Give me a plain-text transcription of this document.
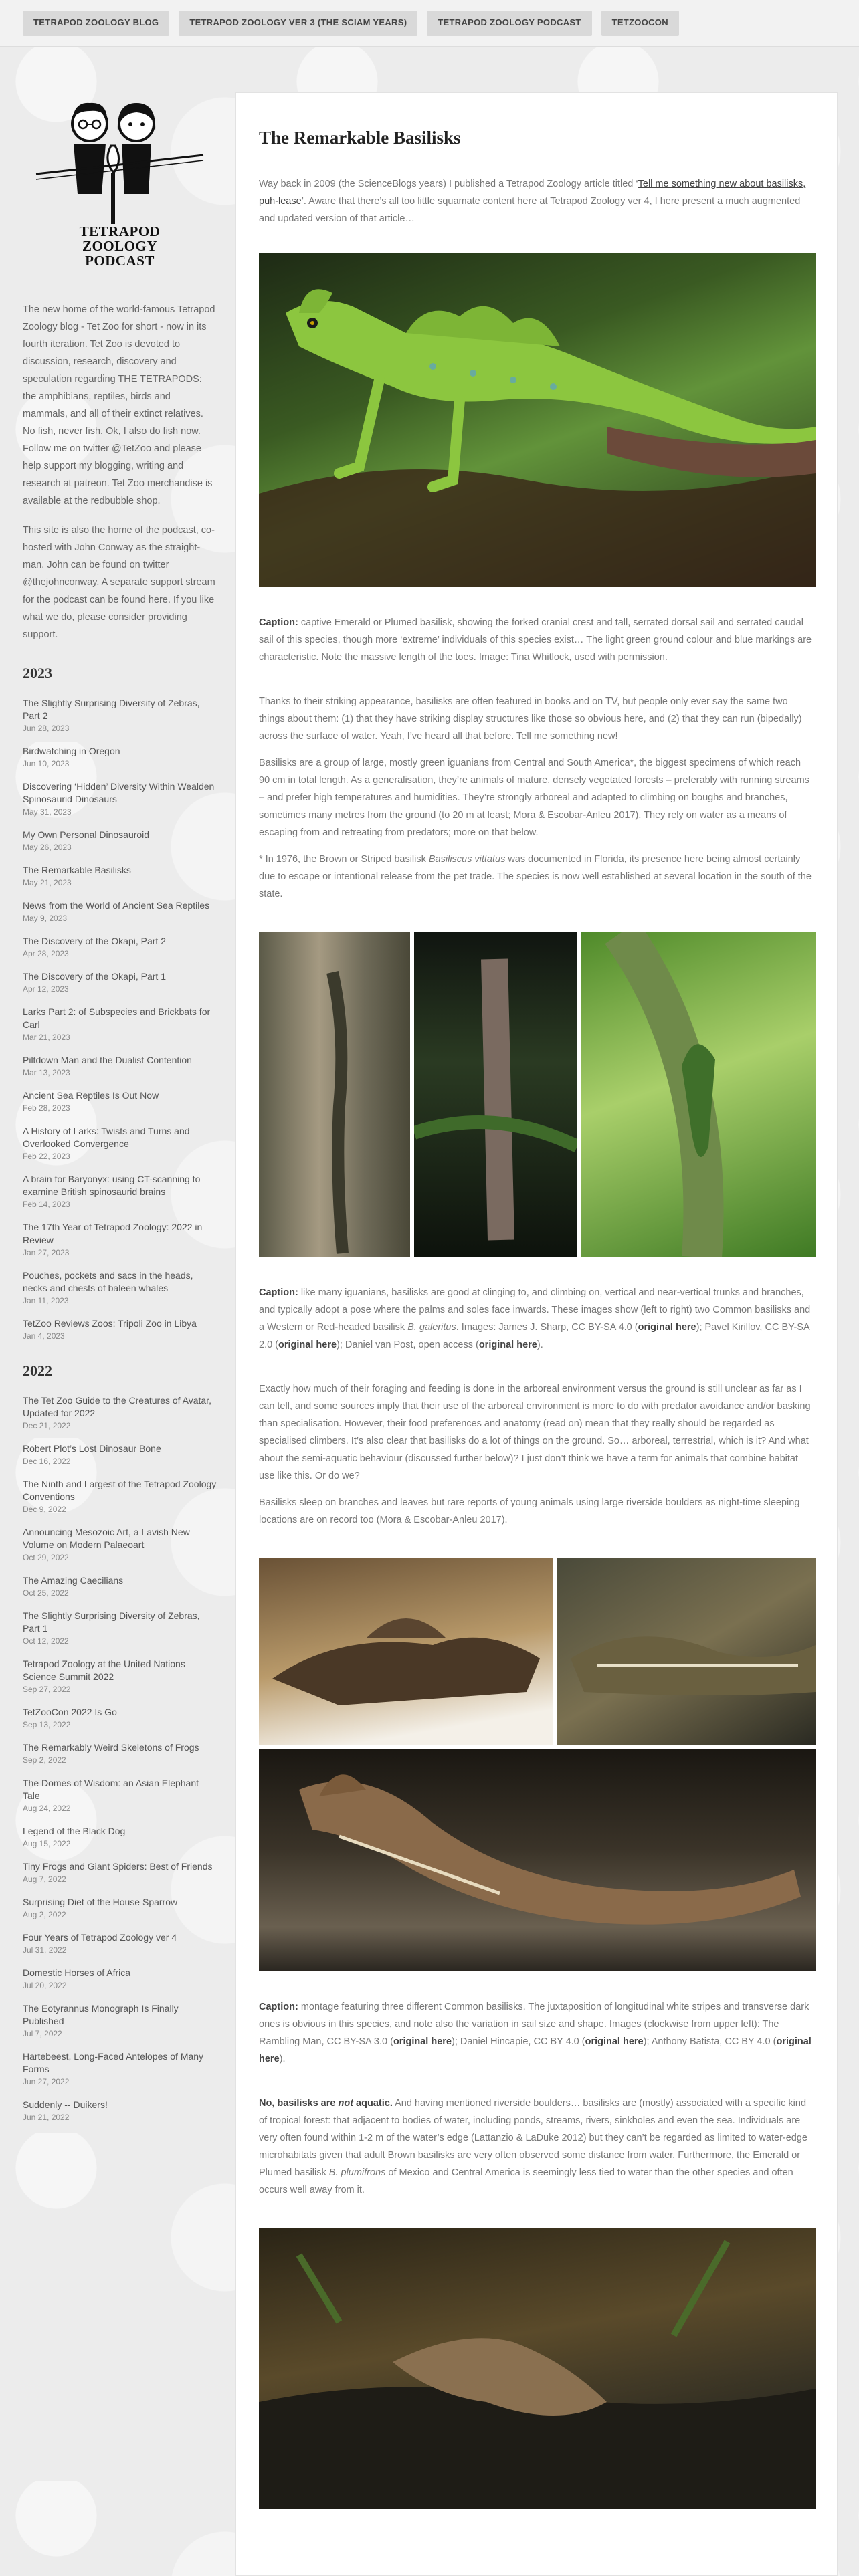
TETRAPOD ZOOLOGY BLOG	TETRAPOD ZOOLOGY VER 3 (THE SCIAM YEARS)	TETRAPOD ZOOLOGY PODCAST	TETZOOCON
TETRAPOD
ZOOLOGY
PODCAST

The new home of the world-famous Tetrapod Zoology blog - Tet Zoo for short - now in its fourth iteration. Tet Zoo is devoted to discussion, research, discovery and speculation regarding THE TETRAPODS: the amphibians, reptiles, birds and mammals, and all of their extinct relatives. No fish, never fish. Ok, I also do fish now. Follow me on twitter @TetZoo and please help support my blogging, writing and research at patreon. Tet Zoo merchandise is available at the redbubble shop.

This site is also the home of the podcast, co-hosted with John Conway as the straight-man. John can be found on twitter @thejohnconway. A separate support stream for the podcast can be found here. If you like what we do, please consider providing support.

2023
The Slightly Surprising Diversity of Zebras, Part 2
Jun 28, 2023
Birdwatching in Oregon
Jun 10, 2023
Discovering ‘Hidden’ Diversity Within Wealden Spinosaurid Dinosaurs
May 31, 2023
My Own Personal Dinosauroid
May 26, 2023
The Remarkable Basilisks
May 21, 2023
News from the World of Ancient Sea Reptiles
May 9, 2023
The Discovery of the Okapi, Part 2
Apr 28, 2023
The Discovery of the Okapi, Part 1
Apr 12, 2023
Larks Part 2: of Subspecies and Brickbats for Carl
Mar 21, 2023
Piltdown Man and the Dualist Contention
Mar 13, 2023
Ancient Sea Reptiles Is Out Now
Feb 28, 2023
A History of Larks: Twists and Turns and Overlooked Convergence
Feb 22, 2023
A brain for Baryonyx: using CT-scanning to examine British spinosaurid brains
Feb 14, 2023
The 17th Year of Tetrapod Zoology: 2022 in Review
Jan 27, 2023
Pouches, pockets and sacs in the heads, necks and chests of baleen whales
Jan 11, 2023
TetZoo Reviews Zoos: Tripoli Zoo in Libya
Jan 4, 2023
2022
The Tet Zoo Guide to the Creatures of Avatar, Updated for 2022
Dec 21, 2022
Robert Plot’s Lost Dinosaur Bone
Dec 16, 2022
The Ninth and Largest of the Tetrapod Zoology Conventions
Dec 9, 2022
Announcing Mesozoic Art, a Lavish New Volume on Modern Palaeoart
Oct 29, 2022
The Amazing Caecilians
Oct 25, 2022
The Slightly Surprising Diversity of Zebras, Part 1
Oct 12, 2022
Tetrapod Zoology at the United Nations Science Summit 2022
Sep 27, 2022
TetZooCon 2022 Is Go
Sep 13, 2022
The Remarkably Weird Skeletons of Frogs
Sep 2, 2022
The Domes of Wisdom: an Asian Elephant Tale
Aug 24, 2022
Legend of the Black Dog
Aug 15, 2022
Tiny Frogs and Giant Spiders: Best of Friends
Aug 7, 2022
Surprising Diet of the House Sparrow
Aug 2, 2022
Four Years of Tetrapod Zoology ver 4
Jul 31, 2022
Domestic Horses of Africa
Jul 20, 2022
The Eotyrannus Monograph Is Finally Published
Jul 7, 2022
Hartebeest, Long-Faced Antelopes of Many Forms
Jun 27, 2022
Suddenly -- Duikers!
Jun 21, 2022
The Remarkable Basilisks

Way back in 2009 (the ScienceBlogs years) I published a Tetrapod Zoology article titled ‘Tell me something new about basilisks, puh-lease’. Aware that there’s all too little squamate content here at Tetrapod Zoology ver 4, I here present a much augmented and updated version of that article…

Caption: captive Emerald or Plumed basilisk, showing the forked cranial crest and tall, serrated dorsal sail and serrated caudal sail of this species, though more ‘extreme’ individuals of this species exist… The light green ground colour and blue markings are characteristic. Note the massive length of the toes. Image: Tina Whitlock, used with permission.

Thanks to their striking appearance, basilisks are often featured in books and on TV, but people only ever say the same two things about them: (1) that they have striking display structures like those so obvious here, and (2) that they can run (bipedally) across the surface of water. Yeah, I’ve heard all that before. Tell me something new!

Basilisks are a group of large, mostly green iguanians from Central and South America*, the biggest specimens of which reach 90 cm in total length. As a generalisation, they’re animals of mature, densely vegetated forests – preferably with running streams – and prefer high temperatures and humidities. They’re strongly arboreal and adapted to climbing on boughs and branches, sometimes many metres from the ground (to 20 m at least; Mora & Escobar-Anleu 2017). They rely on water as a means of escaping from and retreating from predators; more on that below.

* In 1976, the Brown or Striped basilisk Basiliscus vittatus was documented in Florida, its presence here being almost certainly due to escape or intentional release from the pet trade. The species is now well established at several location in the south of the state.

Caption: like many iguanians, basilisks are good at clinging to, and climbing on, vertical and near-vertical trunks and branches, and typically adopt a pose where the palms and soles face inwards. These images show (left to right) two Common basilisks and a Western or Red-headed basilisk B. galeritus. Images: James J. Sharp, CC BY-SA 4.0 (original here); Pavel Kirillov, CC BY-SA 2.0 (original here); Daniel van Post, open access (original here).

Exactly how much of their foraging and feeding is done in the arboreal environment versus the ground is still unclear as far as I can tell, and some sources imply that their use of the arboreal environment is more to do with predator avoidance and/or basking than specialisation. However, their food preferences and anatomy (read on) mean that they really should be regarded as specialised climbers. It’s also clear that basilisks do a lot of things on the ground. So… arboreal, terrestrial, which is it? And what about the semi-aquatic behaviour (discussed further below)? I just don’t think we have a term for animals that combine habitat use like this. Or do we?

Basilisks sleep on branches and leaves but rare reports of young animals using large riverside boulders as night-time sleeping locations are on record too (Mora & Escobar-Anleu 2017).

Caption: montage featuring three different Common basilisks. The juxtaposition of longitudinal white stripes and transverse dark ones is obvious in this species, and note also the variation in sail size and shape. Images (clockwise from upper left): The Rambling Man, CC BY-SA 3.0 (original here); Daniel Hincapie, CC BY 4.0 (original here); Anthony Batista, CC BY 4.0 (original here).

No, basilisks are not aquatic. And having mentioned riverside boulders… basilisks are (mostly) associated with a specific kind of tropical forest: that adjacent to bodies of water, including ponds, streams, rivers, sinkholes and even the sea. Individuals are very often found within 1-2 m of the water’s edge (Lattanzio & LaDuke 2012) but they can’t be regarded as limited to water-edge microhabitats given that adult Brown basilisks are very often observed some distance from water. Furthermore, the Emerald or Plumed basilisk B. plumifrons of Mexico and Central America is seemingly less tied to water than the other species and often occurs well away from it.
